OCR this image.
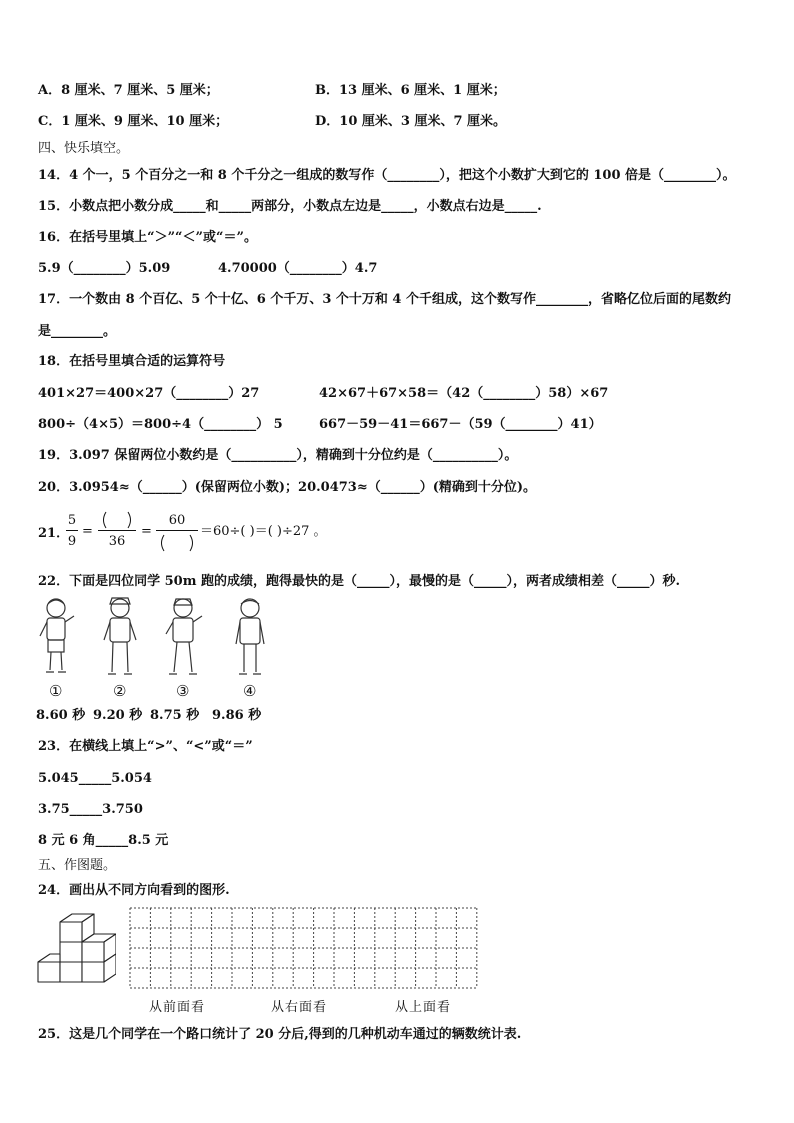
A．8 厘米、7 厘米、5 厘米；	B．13 厘米、6 厘米、1 厘米；
C．1 厘米、9 厘米、10 厘米；	D．10 厘米、3 厘米、7 厘米。
四、快乐填空。
14．4 个一，5 个百分之一和 8 个千分之一组成的数写作（________），把这个小数扩大到它的 100 倍是（________）。
15．小数点把小数分成_____和_____两部分，小数点左边是_____，小数点右边是_____.
16．在括号里填上“＞”“＜”或“＝”。
5.9（________）5.09	4.70000（________）4.7
17．一个数由 8 个百亿、5 个十亿、6 个千万、3 个十万和 4 个千组成，这个数写作________，省略亿位后面的尾数约
是________。
18．在括号里填合适的运算符号
401×27＝400×27（________）27	42×67＋67×58＝（42（________）58）×67
800÷（4×5）＝800÷4（________） 5	667－59－41＝667－（59（________）41）
19．3.097 保留两位小数约是（__________），精确到十分位约是（__________）。
20．3.0954≈（______）(保留两位小数)；20.0473≈（______）(精确到十分位)。
21．
5
9
=
36
=
60
＝60÷( )＝( )÷27 。
22．下面是四位同学 50m 跑的成绩，跑得最快的是（_____），最慢的是（_____），两者成绩相差（_____）秒.
①	②	③	④
8.60 秒 9.20 秒 8.75 秒 9.86 秒
23．在横线上填上“>”、“<”或“＝”
5.045_____5.054
3.75_____3.750
8 元 6 角_____8.5 元
五、作图题。
24．画出从不同方向看到的图形.
从前面看	从右面看	从上面看
25．这是几个同学在一个路口统计了 20 分后,得到的几种机动车通过的辆数统计表.
